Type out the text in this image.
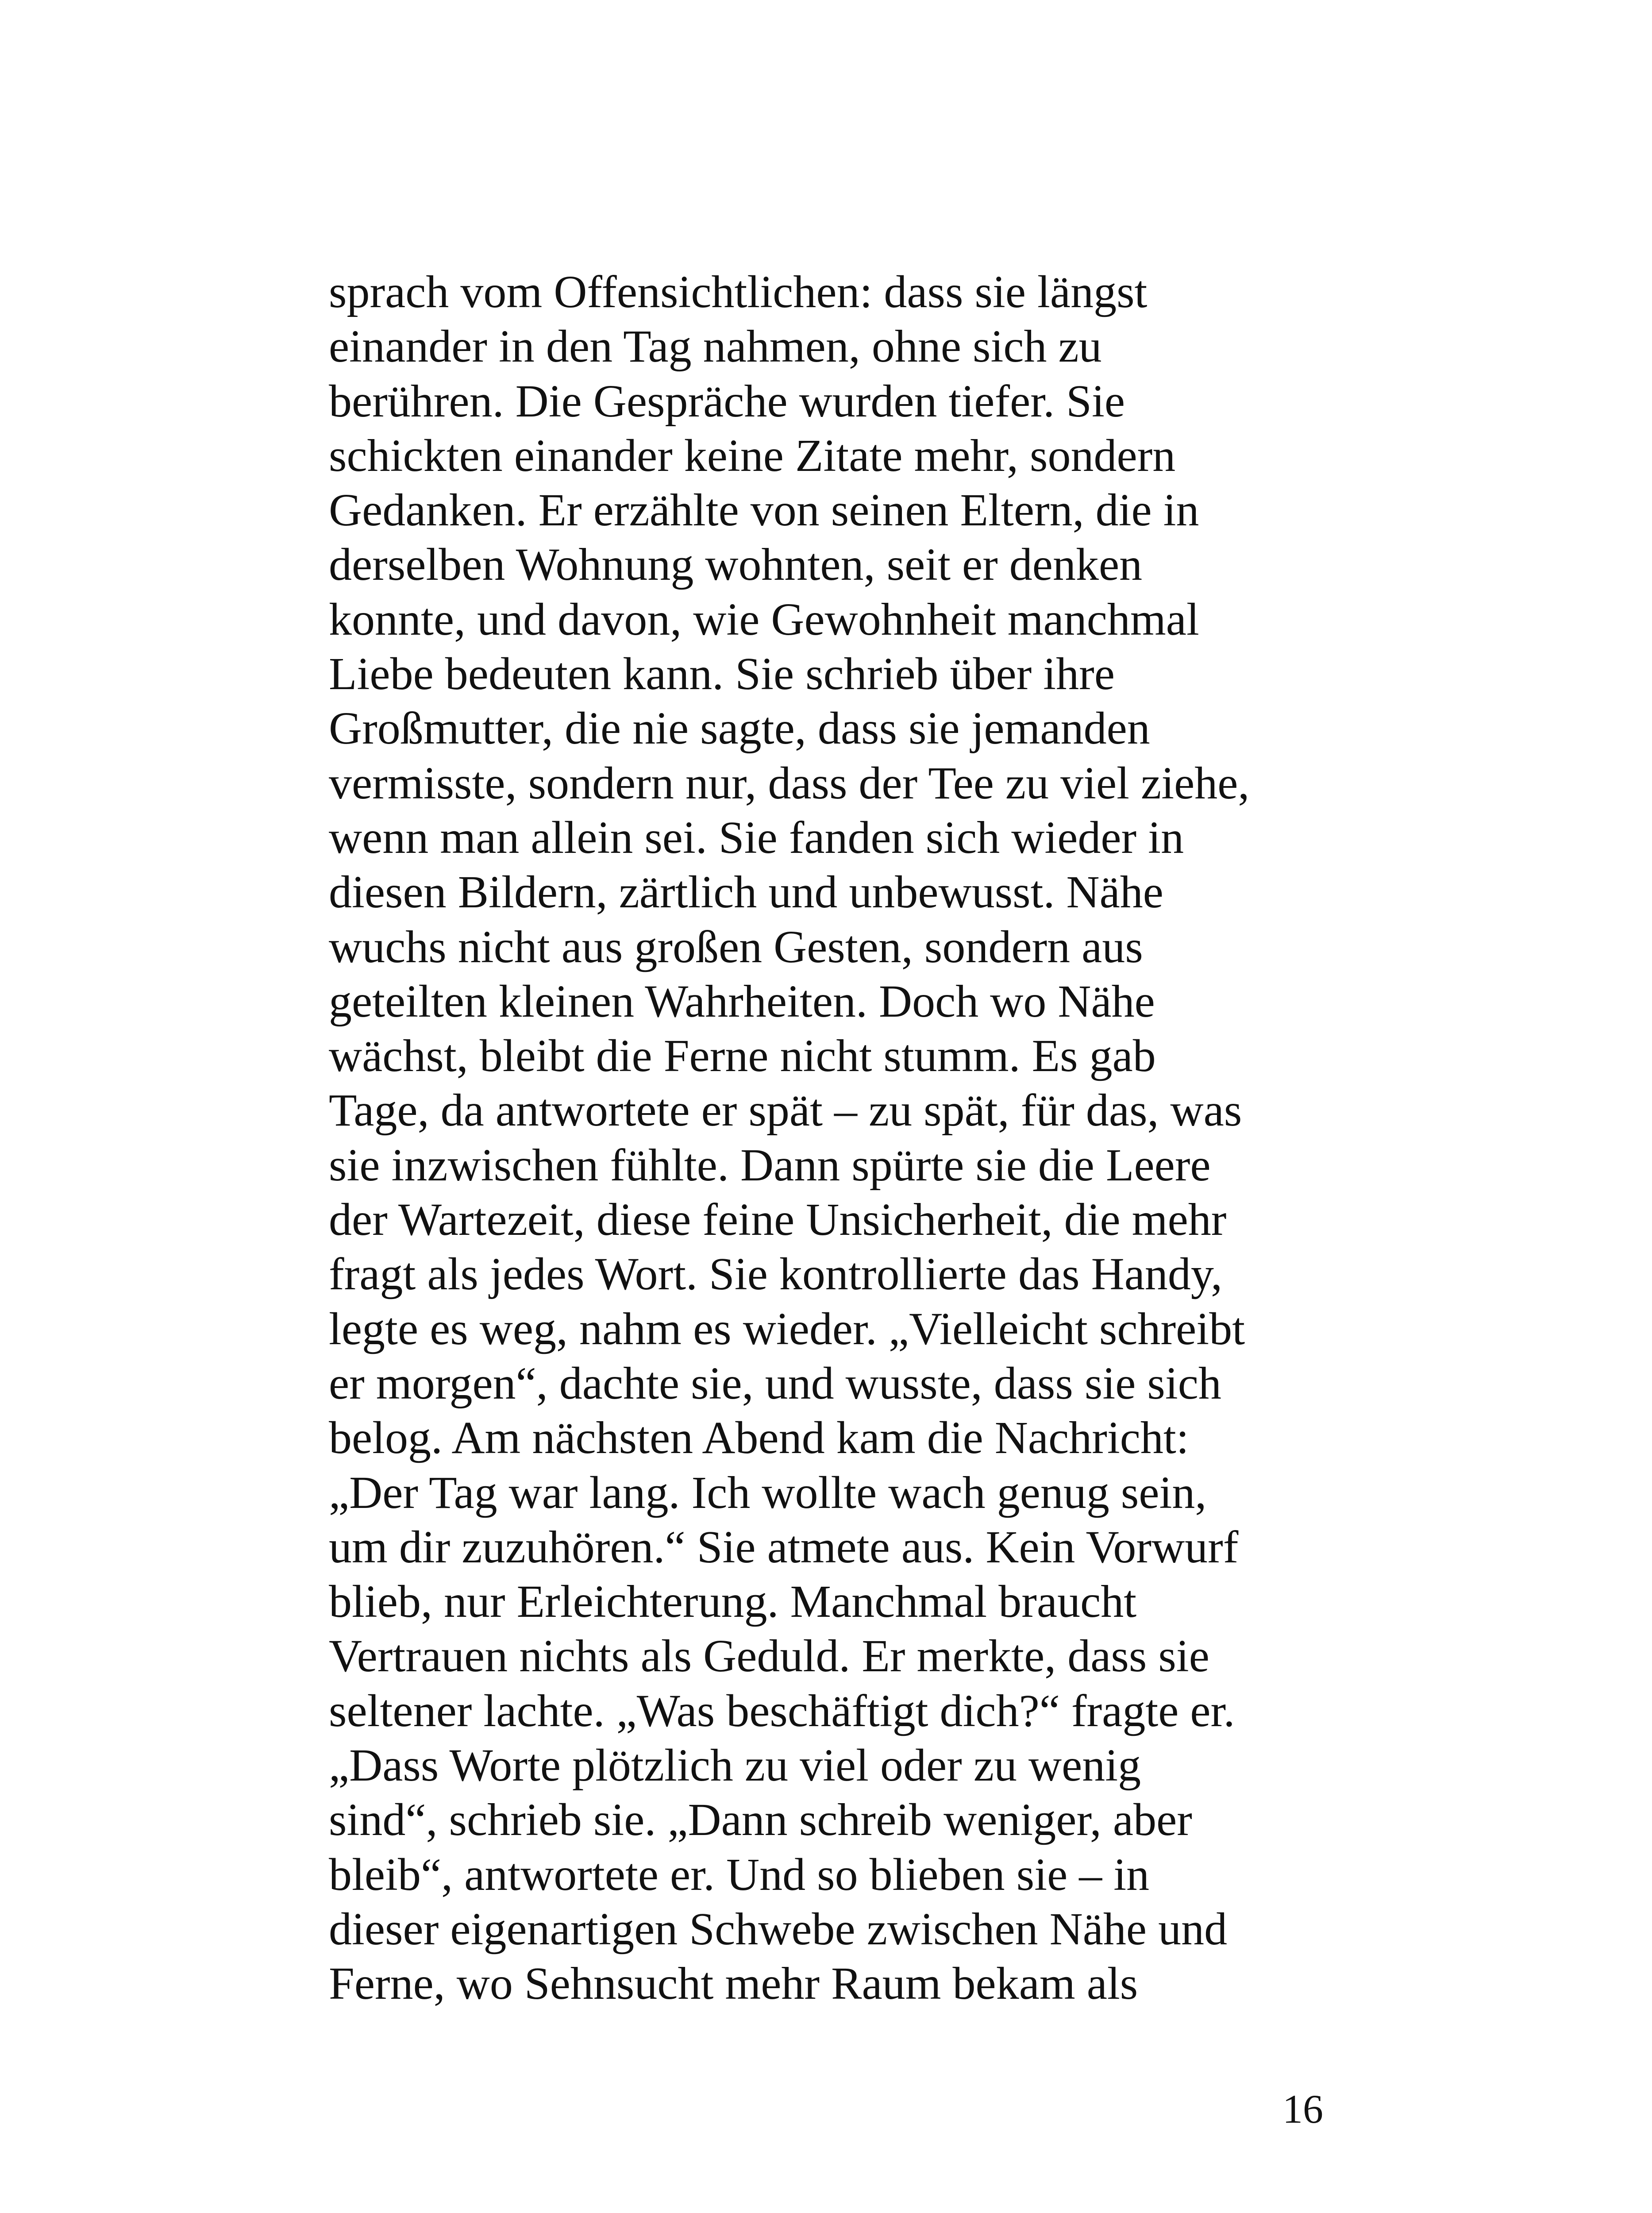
sprach vom Offensichtlichen: dass sie längst
einander in den Tag nahmen, ohne sich zu
berühren. Die Gespräche wurden tiefer. Sie
schickten einander keine Zitate mehr, sondern
Gedanken. Er erzählte von seinen Eltern, die in
derselben Wohnung wohnten, seit er denken
konnte, und davon, wie Gewohnheit manchmal
Liebe bedeuten kann. Sie schrieb über ihre
Großmutter, die nie sagte, dass sie jemanden
vermisste, sondern nur, dass der Tee zu viel ziehe,
wenn man allein sei. Sie fanden sich wieder in
diesen Bildern, zärtlich und unbewusst. Nähe
wuchs nicht aus großen Gesten, sondern aus
geteilten kleinen Wahrheiten. Doch wo Nähe
wächst, bleibt die Ferne nicht stumm. Es gab
Tage, da antwortete er spät – zu spät, für das, was
sie inzwischen fühlte. Dann spürte sie die Leere
der Wartezeit, diese feine Unsicherheit, die mehr
fragt als jedes Wort. Sie kontrollierte das Handy,
legte es weg, nahm es wieder. „Vielleicht schreibt
er morgen“, dachte sie, und wusste, dass sie sich
belog. Am nächsten Abend kam die Nachricht:
„Der Tag war lang. Ich wollte wach genug sein,
um dir zuzuhören.“ Sie atmete aus. Kein Vorwurf
blieb, nur Erleichterung. Manchmal braucht
Vertrauen nichts als Geduld. Er merkte, dass sie
seltener lachte. „Was beschäftigt dich?“ fragte er.
„Dass Worte plötzlich zu viel oder zu wenig
sind“, schrieb sie. „Dann schreib weniger, aber
bleib“, antwortete er. Und so blieben sie – in
dieser eigenartigen Schwebe zwischen Nähe und
Ferne, wo Sehnsucht mehr Raum bekam als
16
